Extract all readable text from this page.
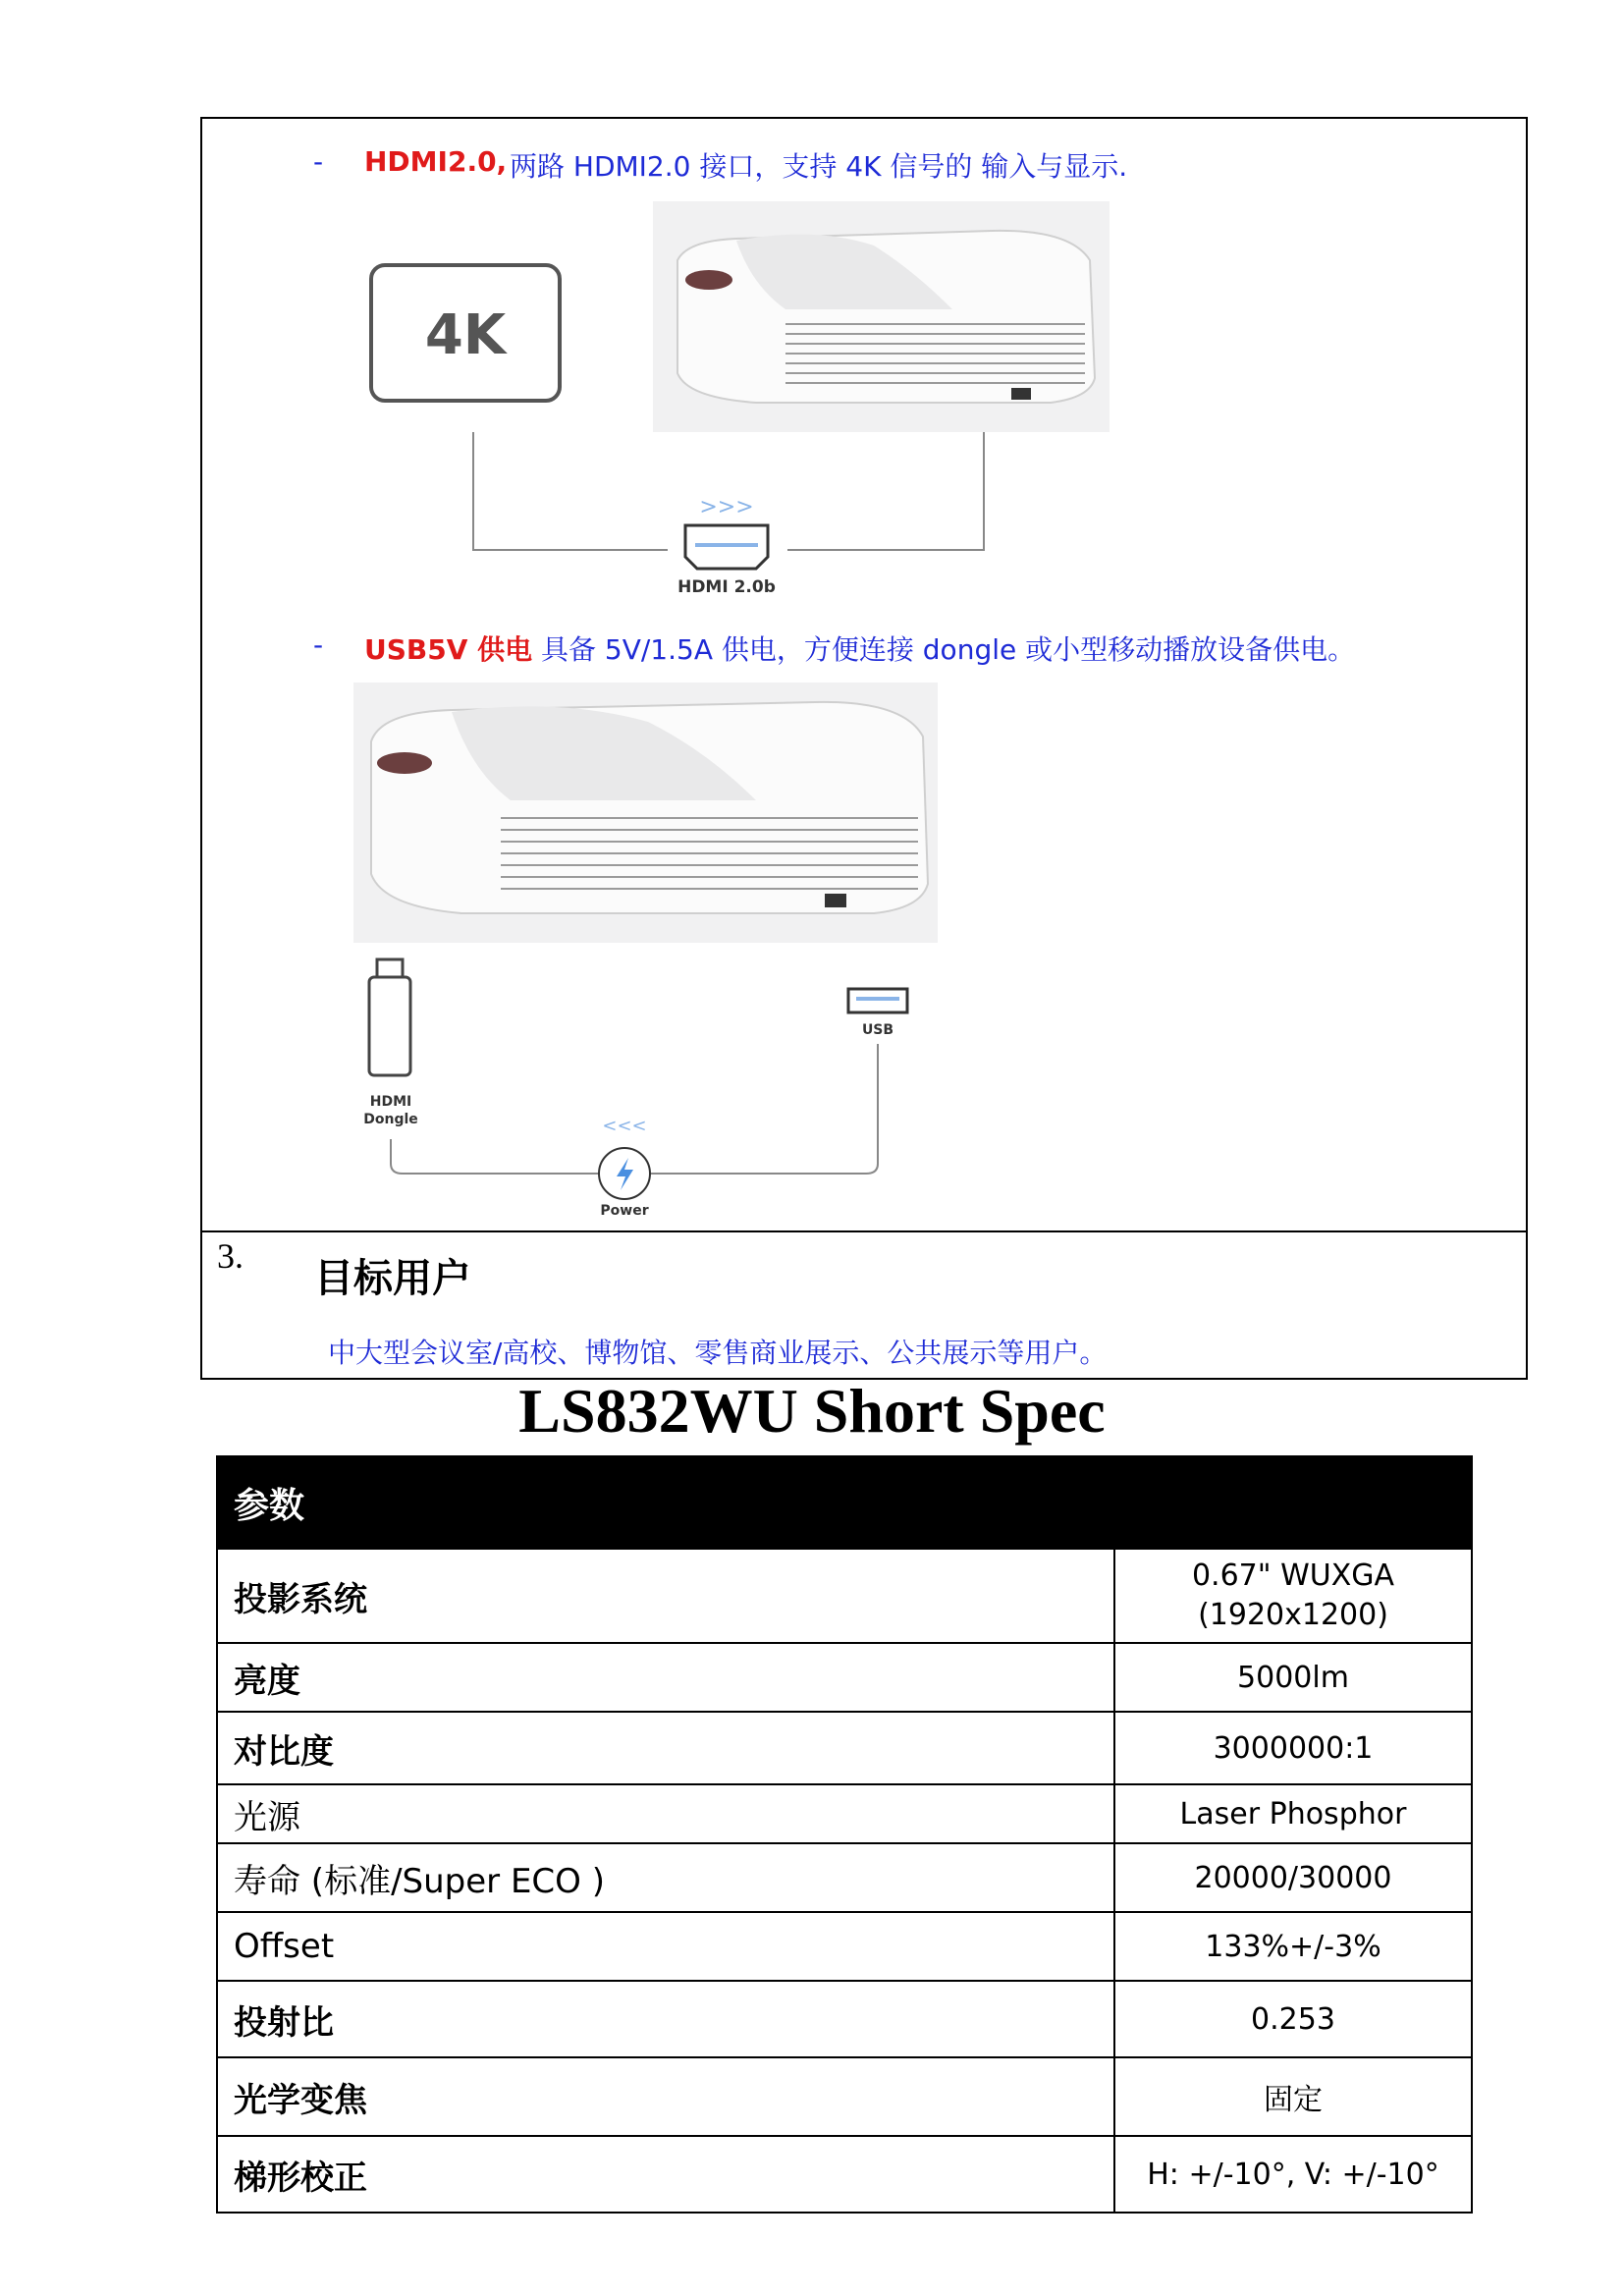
- HDMI2.0, 两路 HDMI2.0 接口，支持 4K 信号的 输入与显示.
4K
>>>
HDMI 2.0b
- USB5V 供电 具备 5V/1.5A 供电，方便连接 dongle 或小型移动播放设备供电。
HDMI
Dongle
USB
<<<
Power
3. 目标用户
中大型会议室/高校、博物馆、零售商业展示、公共展示等用户。
LS832WU Short Spec
参数	
投影系统	0.67" WUXGA
(1920x1200)

亮度	5000lm
对比度	3000000:1
光源	Laser Phosphor
寿命 (标准/Super ECO )	20000/30000
Offset	133%+/-3%
投射比	0.253
光学变焦	固定
梯形校正	H: +/-10°, V: +/-10°
